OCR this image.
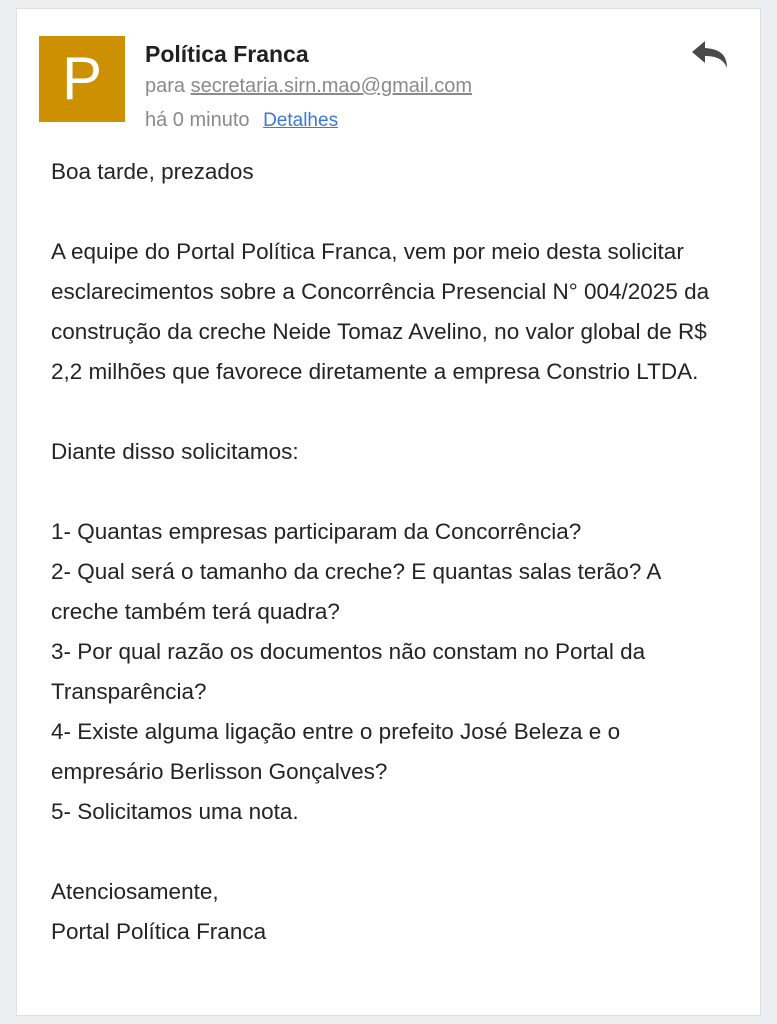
P	Política Franca
para secretaria.sirn.mao@gmail.com
há 0 minuto Detalhes

Boa tarde, prezados

A equipe do Portal Política Franca, vem por meio desta solicitar esclarecimentos sobre a Concorrência Presencial N° 004/2025 da construção da creche Neide Tomaz Avelino, no valor global de R$ 2,2 milhões que favorece diretamente a empresa Constrio LTDA.

Diante disso solicitamos:

1- Quantas empresas participaram da Concorrência?

2- Qual será o tamanho da creche? E quantas salas terão? A creche também terá quadra?

3- Por qual razão os documentos não constam no Portal da Transparência?

4- Existe alguma ligação entre o prefeito José Beleza e o empresário Berlisson Gonçalves?

5- Solicitamos uma nota.

Atenciosamente,
Portal Política Franca
